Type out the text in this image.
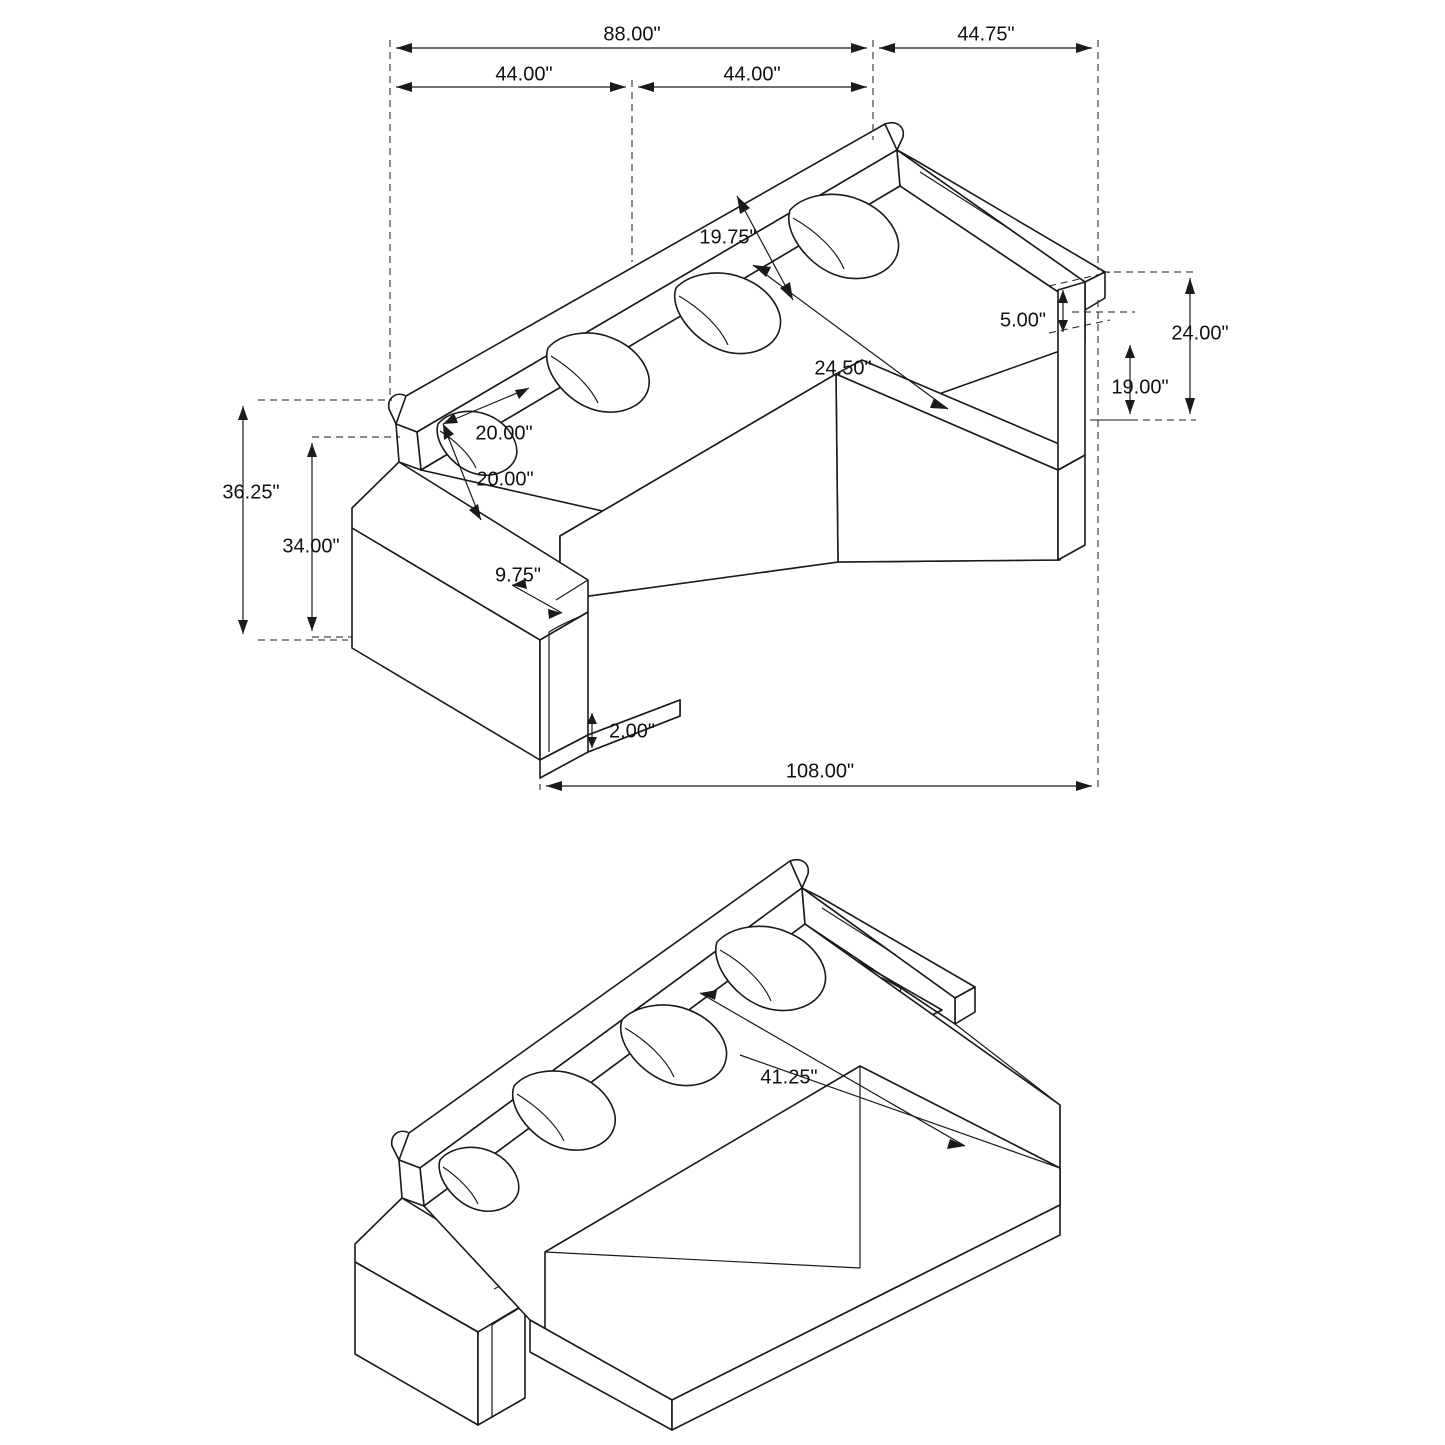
88.00"	44.75"
44.00"	44.00"
19.75"
24.50"
5.00"
24.00"
19.00"
20.00"
20.00"
36.25"
34.00"
9.75"
2.00"
108.00"
41.25"
